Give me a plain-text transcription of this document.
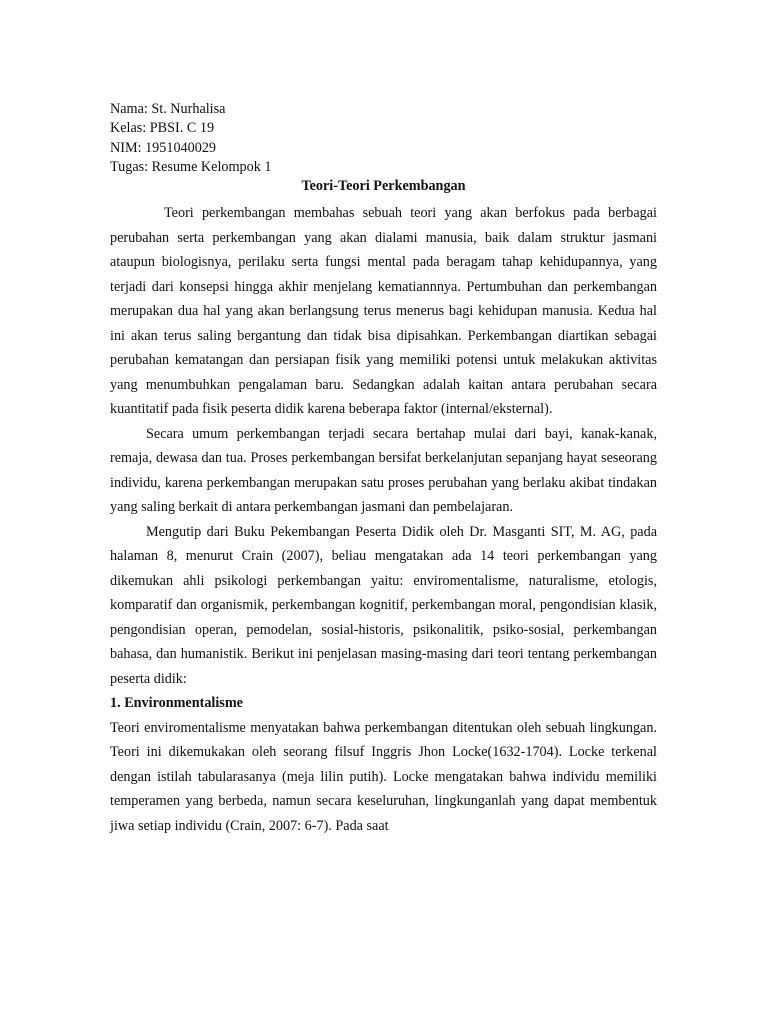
Nama: St. Nurhalisa
Kelas: PBSI. C 19
NIM: 1951040029
Tugas: Resume Kelompok 1
Teori-Teori Perkembangan

Teori perkembangan membahas sebuah teori yang akan berfokus pada berbagai perubahan serta perkembangan yang akan dialami manusia, baik dalam struktur jasmani ataupun biologisnya, perilaku serta fungsi mental pada beragam tahap kehidupannya, yang terjadi dari konsepsi hingga akhir menjelang kematiannnya. Pertumbuhan dan perkembangan merupakan dua hal yang akan berlangsung terus menerus bagi kehidupan manusia. Kedua hal ini akan terus saling bergantung dan tidak bisa dipisahkan. Perkembangan diartikan sebagai perubahan kematangan dan persiapan fisik yang memiliki potensi untuk melakukan aktivitas yang menumbuhkan pengalaman baru. Sedangkan adalah kaitan antara perubahan secara kuantitatif pada fisik peserta didik karena beberapa faktor (internal/eksternal).

Secara umum perkembangan terjadi secara bertahap mulai dari bayi, kanak-kanak, remaja, dewasa dan tua. Proses perkembangan bersifat berkelanjutan sepanjang hayat seseorang individu, karena perkembangan merupakan satu proses perubahan yang berlaku akibat tindakan yang saling berkait di antara perkembangan jasmani dan pembelajaran.

Mengutip dari Buku Pekembangan Peserta Didik oleh Dr. Masganti SIT, M. AG, pada halaman 8, menurut Crain (2007), beliau mengatakan ada 14 teori perkembangan yang dikemukan ahli psikologi perkembangan yaitu: enviromentalisme, naturalisme, etologis, komparatif dan organismik, perkembangan kognitif, perkembangan moral, pengondisian klasik, pengondisian operan, pemodelan, sosial-historis, psikonalitik, psiko-sosial, perkembangan bahasa, dan humanistik. Berikut ini penjelasan masing-masing dari teori tentang perkembangan peserta didik:

1. Environmentalisme

Teori enviromentalisme menyatakan bahwa perkembangan ditentukan oleh sebuah lingkungan. Teori ini dikemukakan oleh seorang filsuf Inggris Jhon Locke(1632-1704). Locke terkenal dengan istilah tabularasanya (meja lilin putih). Locke mengatakan bahwa individu memiliki temperamen yang berbeda, namun secara keseluruhan, lingkunganlah yang dapat membentuk jiwa setiap individu (Crain, 2007: 6-7). Pada saat
